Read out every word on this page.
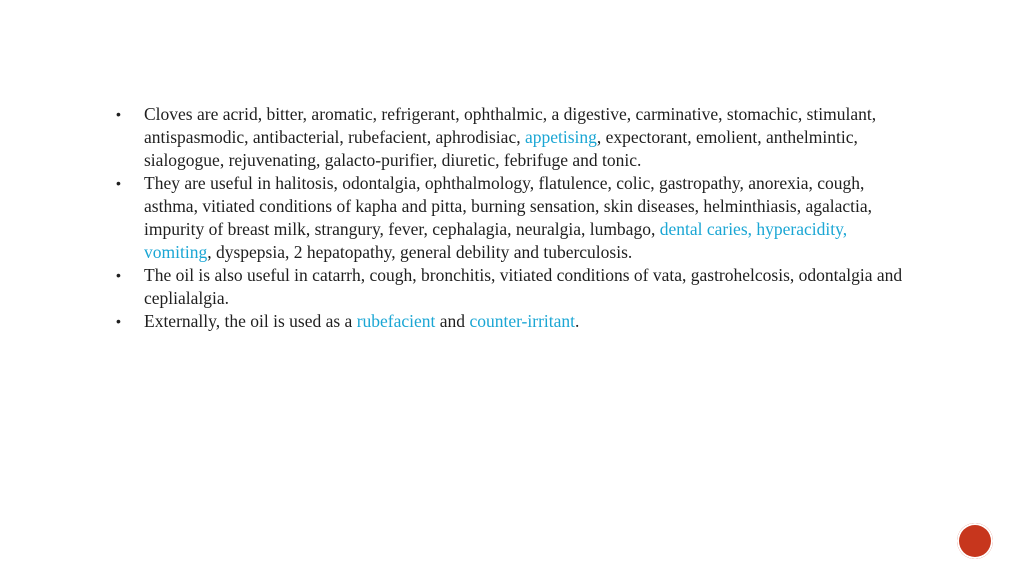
• Cloves are acrid, bitter, aromatic, refrigerant, ophthalmic, a digestive, carminative, stomachic, stimulant, antispasmodic, antibacterial, rubefacient, aphrodisiac, appetising, expectorant, emolient, anthelmintic, sialogogue, rejuvenating, galacto-purifier, diuretic, febrifuge and tonic.
• They are useful in halitosis, odontalgia, ophthalmology, flatulence, colic, gastropathy, anorexia, cough, asthma, vitiated conditions of kapha and pitta, burning sensation, skin diseases, helminthiasis, agalactia, impurity of breast milk, strangury, fever, cephalagia, neuralgia, lumbago, dental caries, hyperacidity, vomiting, dyspepsia, 2 hepatopathy, general debility and tuberculosis.
• The oil is also useful in catarrh, cough, bronchitis, vitiated conditions of vata, gastrohelcosis, odontalgia and ceplialalgia.
• Externally, the oil is used as a rubefacient and counter-irritant.
